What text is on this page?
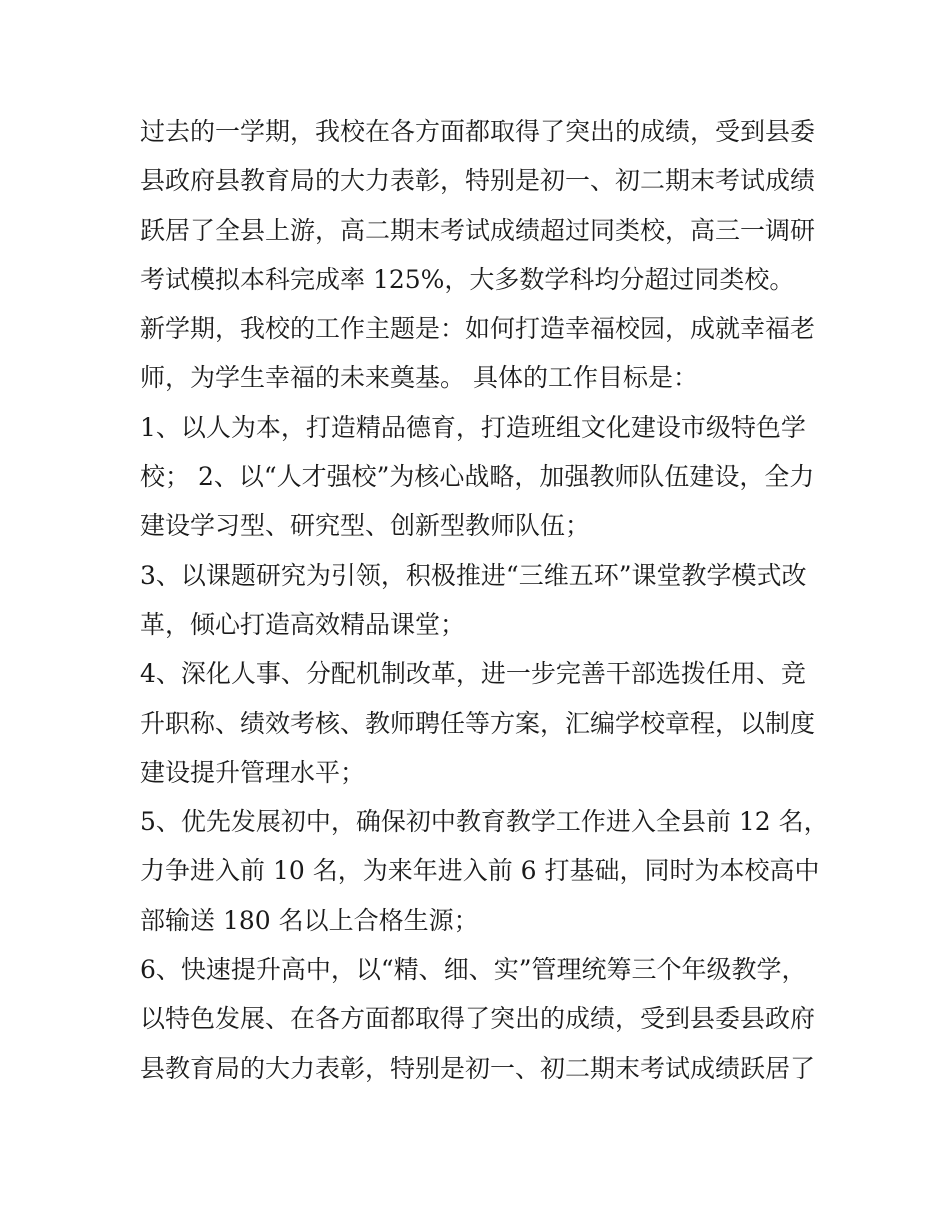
过去的一学期，我校在各方面都取得了突出的成绩，受到县委
县政府县教育局的大力表彰，特别是初一、初二期末考试成绩
跃居了全县上游，高二期末考试成绩超过同类校，高三一调研
考试模拟本科完成率 125%，大多数学科均分超过同类校。
新学期，我校的工作主题是：如何打造幸福校园，成就幸福老
师，为学生幸福的未来奠基。 具体的工作目标是：
1、以人为本，打造精品德育，打造班组文化建设市级特色学
校； 2、以“人才强校”为核心战略，加强教师队伍建设，全力
建设学习型、研究型、创新型教师队伍；
3、以课题研究为引领，积极推进“三维五环”课堂教学模式改
革，倾心打造高效精品课堂；
4、深化人事、分配机制改革，进一步完善干部选拨任用、竞
升职称、绩效考核、教师聘任等方案，汇编学校章程，以制度
建设提升管理水平；
5、优先发展初中，确保初中教育教学工作进入全县前 12 名，
力争进入前 10 名，为来年进入前 6 打基础，同时为本校高中
部输送 180 名以上合格生源；
6、快速提升高中，以“精、细、实”管理统筹三个年级教学，
以特色发展、在各方面都取得了突出的成绩，受到县委县政府
县教育局的大力表彰，特别是初一、初二期末考试成绩跃居了
